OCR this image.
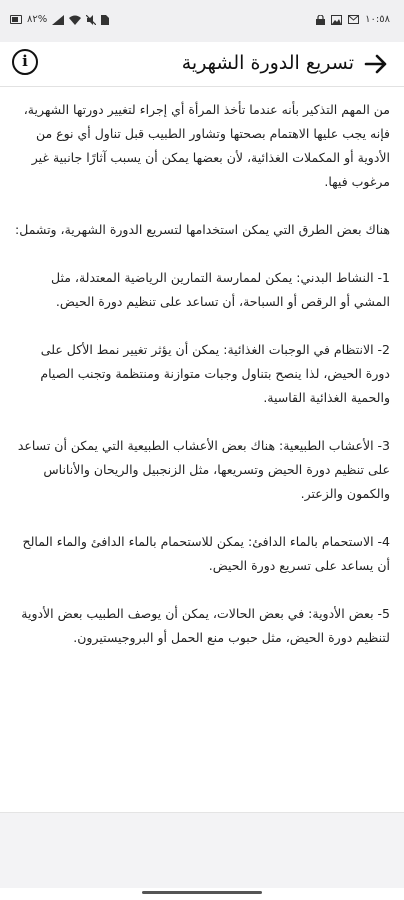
٨٢%	١٠:٥٨
i	تسريع الدورة الشهرية

من المهم التذكير بأنه عندما تأخذ المرأة أي إجراء لتغيير دورتها الشهرية، فإنه يجب عليها الاهتمام بصحتها وتشاور الطبيب قبل تناول أي نوع من الأدوية أو المكملات الغذائية، لأن بعضها يمكن أن يسبب آثارًا جانبية غير مرغوب فيها.

هناك بعض الطرق التي يمكن استخدامها لتسريع الدورة الشهرية، وتشمل:

1- النشاط البدني: يمكن لممارسة التمارين الرياضية المعتدلة، مثل المشي أو الرقص أو السباحة، أن تساعد على تنظيم دورة الحيض.

2- الانتظام في الوجبات الغذائية: يمكن أن يؤثر تغيير نمط الأكل على دورة الحيض، لذا ينصح بتناول وجبات متوازنة ومنتظمة وتجنب الصيام والحمية الغذائية القاسية.

3- الأعشاب الطبيعية: هناك بعض الأعشاب الطبيعية التي يمكن أن تساعد على تنظيم دورة الحيض وتسريعها، مثل الزنجبيل والريحان والأناناس والكمون والزعتر.

4- الاستحمام بالماء الدافئ: يمكن للاستحمام بالماء الدافئ والماء المالح أن يساعد على تسريع دورة الحيض.

5- بعض الأدوية: في بعض الحالات، يمكن أن يوصف الطبيب بعض الأدوية لتنظيم دورة الحيض، مثل حبوب منع الحمل أو البروجيستيرون.
